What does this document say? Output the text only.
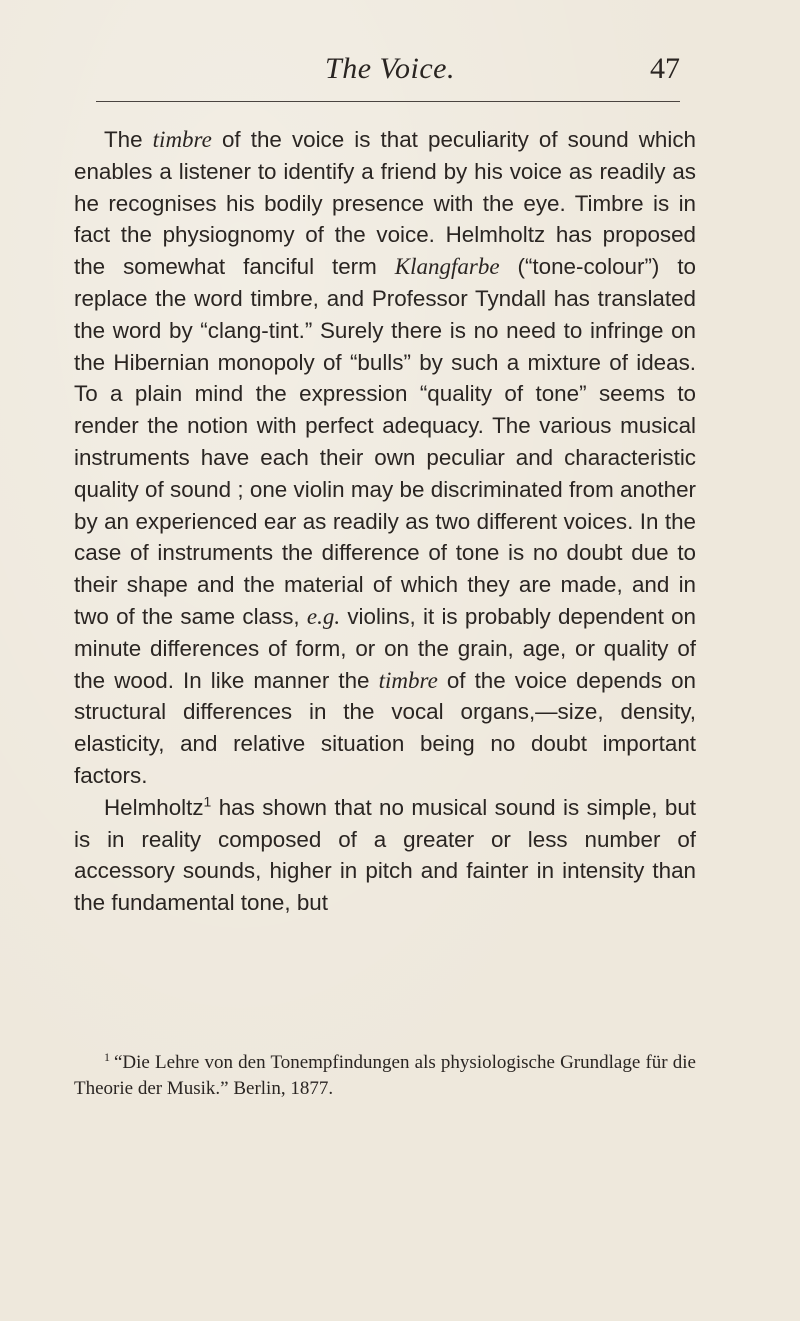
The Voice.	47

The timbre of the voice is that peculiarity of sound which enables a listener to identify a friend by his voice as readily as he recognises his bodily presence with the eye. Timbre is in fact the physiognomy of the voice. Helmholtz has proposed the somewhat fanciful term Klangfarbe (“tone-colour”) to replace the word timbre, and Professor Tyndall has translated the word by “clang-tint.” Surely there is no need to infringe on the Hibernian monopoly of “bulls” by such a mixture of ideas. To a plain mind the expression “quality of tone” seems to render the notion with perfect adequacy. The various musical instruments have each their own peculiar and characteristic quality of sound ; one violin may be discriminated from another by an experienced ear as readily as two different voices. In the case of instruments the difference of tone is no doubt due to their shape and the material of which they are made, and in two of the same class, e.g. violins, it is probably dependent on minute differences of form, or on the grain, age, or quality of the wood. In like manner the timbre of the voice depends on structural differences in the vocal organs,—size, density, elasticity, and relative situation being no doubt important factors.

Helmholtz$^1$ has shown that no musical sound is simple, but is in reality composed of a greater or less number of accessory sounds, higher in pitch and fainter in intensity than the fundamental tone, but

$^1$ “Die Lehre von den Tonempfindungen als physiologische Grundlage für die Theorie der Musik.” Berlin, 1877.
